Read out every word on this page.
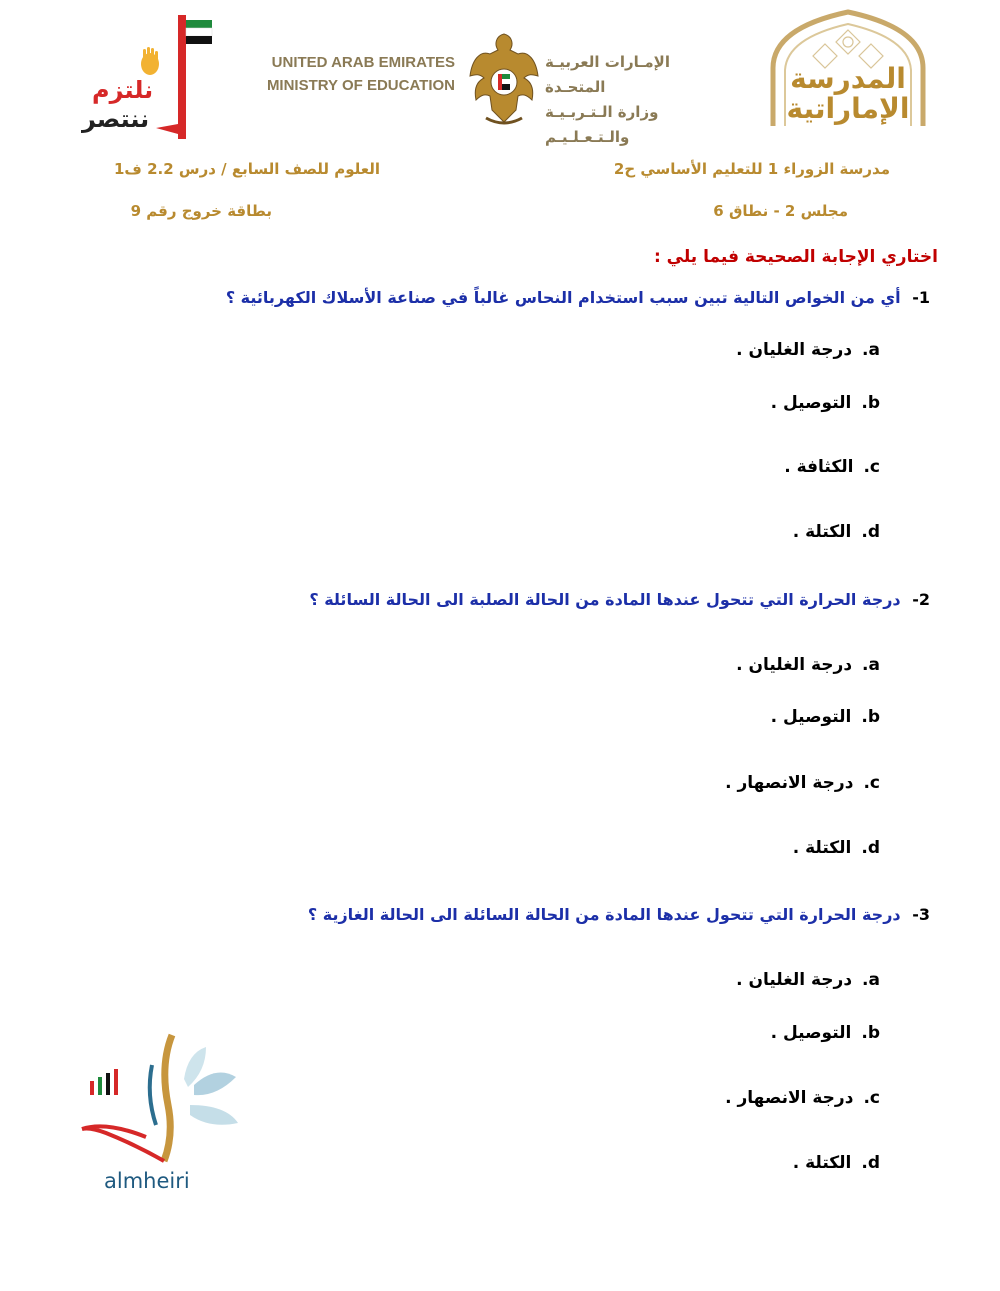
نلتزم
ننتصر
UNITED ARAB EMIRATES
MINISTRY OF EDUCATION
الإمـارات العربيـة المتحـدة
وزارة الـتـربـيـة والـتـعـلـيـم
المدرسة
الإماراتية
مدرسة الزوراء 1 للتعليم الأساسي ح2
العلوم للصف السابع / درس 2.2 ف1
مجلس 2 - نطاق 6
بطاقة خروج رقم 9
اختاري الإجابة الصحيحة فيما يلي :
1- أي من الخواص التالية تبين سبب استخدام النحاس غالباً في صناعة الأسلاك الكهربائية ؟
a.درجة الغليان .
b.التوصيل .
c.الكثافة .
d.الكتلة .
2- درجة الحرارة التي تتحول عندها المادة من الحالة الصلبة الى الحالة السائلة ؟
a.درجة الغليان .
b.التوصيل .
c.درجة الانصهار .
d.الكتلة .
3- درجة الحرارة التي تتحول عندها المادة من الحالة السائلة الى الحالة الغازية ؟
a.درجة الغليان .
b.التوصيل .
c.درجة الانصهار .
d.الكتلة .
almheiri
